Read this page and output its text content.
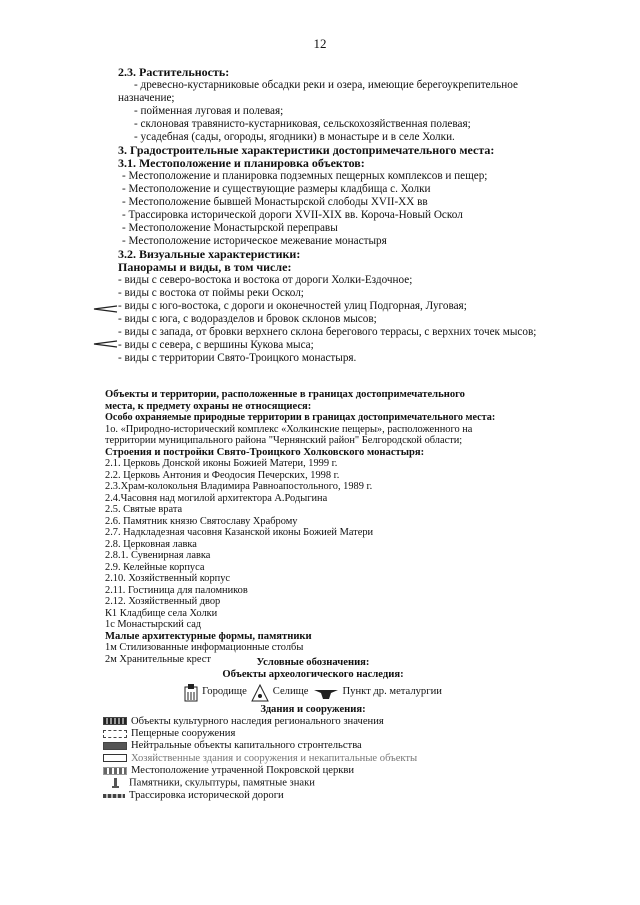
12
2.3. Растительность:
- древесно-кустарниковые обсадки реки и озера, имеющие берегоукрепительное
назначение;
- пойменная луговая и полевая;
- склоновая травянисто-кустарниковая, сельскохозяйственная полевая;
- усадебная (сады, огороды, ягодники) в монастыре и в селе Холки.
3. Градостроительные характеристики достопримечательного места:
3.1. Местоположение и планировка объектов:
- Местоположение и планировка подземных пещерных комплексов и пещер;
- Местоположение и существующие размеры кладбища с. Холки
- Местоположение бывшей Монастырской слободы XVII-XX вв
- Трассировка исторической дороги XVII-XIX вв. Короча-Новый Оскол
- Местоположение Монастырской переправы
- Местоположение историческое межевание монастыря
3.2. Визуальные характеристики:
Панорамы и виды, в том числе:
- виды с северо-востока и востока от дороги Холки-Ездочное;
- виды с востока от поймы реки Оскол;
- виды с юго-востока, с дороги и оконечностей улиц Подгорная, Луговая;
- виды с юга, с водоразделов и бровок склонов мысов;
- виды с запада, от бровки верхнего склона берегового террасы, с верхних точек мысов;
- виды с севера, с вершины Кукова мыса;
- виды с территории Свято-Троицкого монастыря.
Объекты и территории, расположенные в границах достопримечательного
места, к предмету охраны не относящиеся:
Особо охраняемые природные территории в границах достопримечательного места:
1о. «Природно-исторический комплекс «Холкинские пещеры», расположенного на
территории муниципального района "Чернянский район" Белгородской области;
Строения и постройки Свято-Троицкого Холковского монастыря:
2.1. Церковь Донской иконы Божией Матери, 1999 г.
2.2. Церковь Антония и Феодосия Печерских, 1998 г.
2.3.Храм-колокольня Владимира Равноапостольного, 1989 г.
2.4.Часовня над могилой архитектора А.Родыгина
2.5. Святые врата
2.6. Памятник князю Святославу Храброму
2.7. Надкладезная часовня Казанской иконы Божией Матери
2.8. Церковная лавка
2.8.1. Сувенирная лавка
2.9. Келейные корпуса
2.10. Хозяйственный корпус
2.11. Гостиница для паломников
2.12. Хозяйственный двор
К1 Кладбище села Холки
1с Монастырский сад
Малые архитектурные формы, памятники
1м Стилизованные информационные столбы
2м Хранительные крест	Условные обозначения:
Объекты археологического наследия:
Городище Селище	Пункт др. металургии
Здания и сооружения:
Объекты культурного наследия регионального значения
Пещерные сооружения
Нейтральные объекты капитального стронтельства
Хозяйственные здания и сооружения и некапитальные объекты
Местоположение утраченной Покровской церкви
Памятники, скульптуры, памятные знаки
Трассировка исторической дороги
